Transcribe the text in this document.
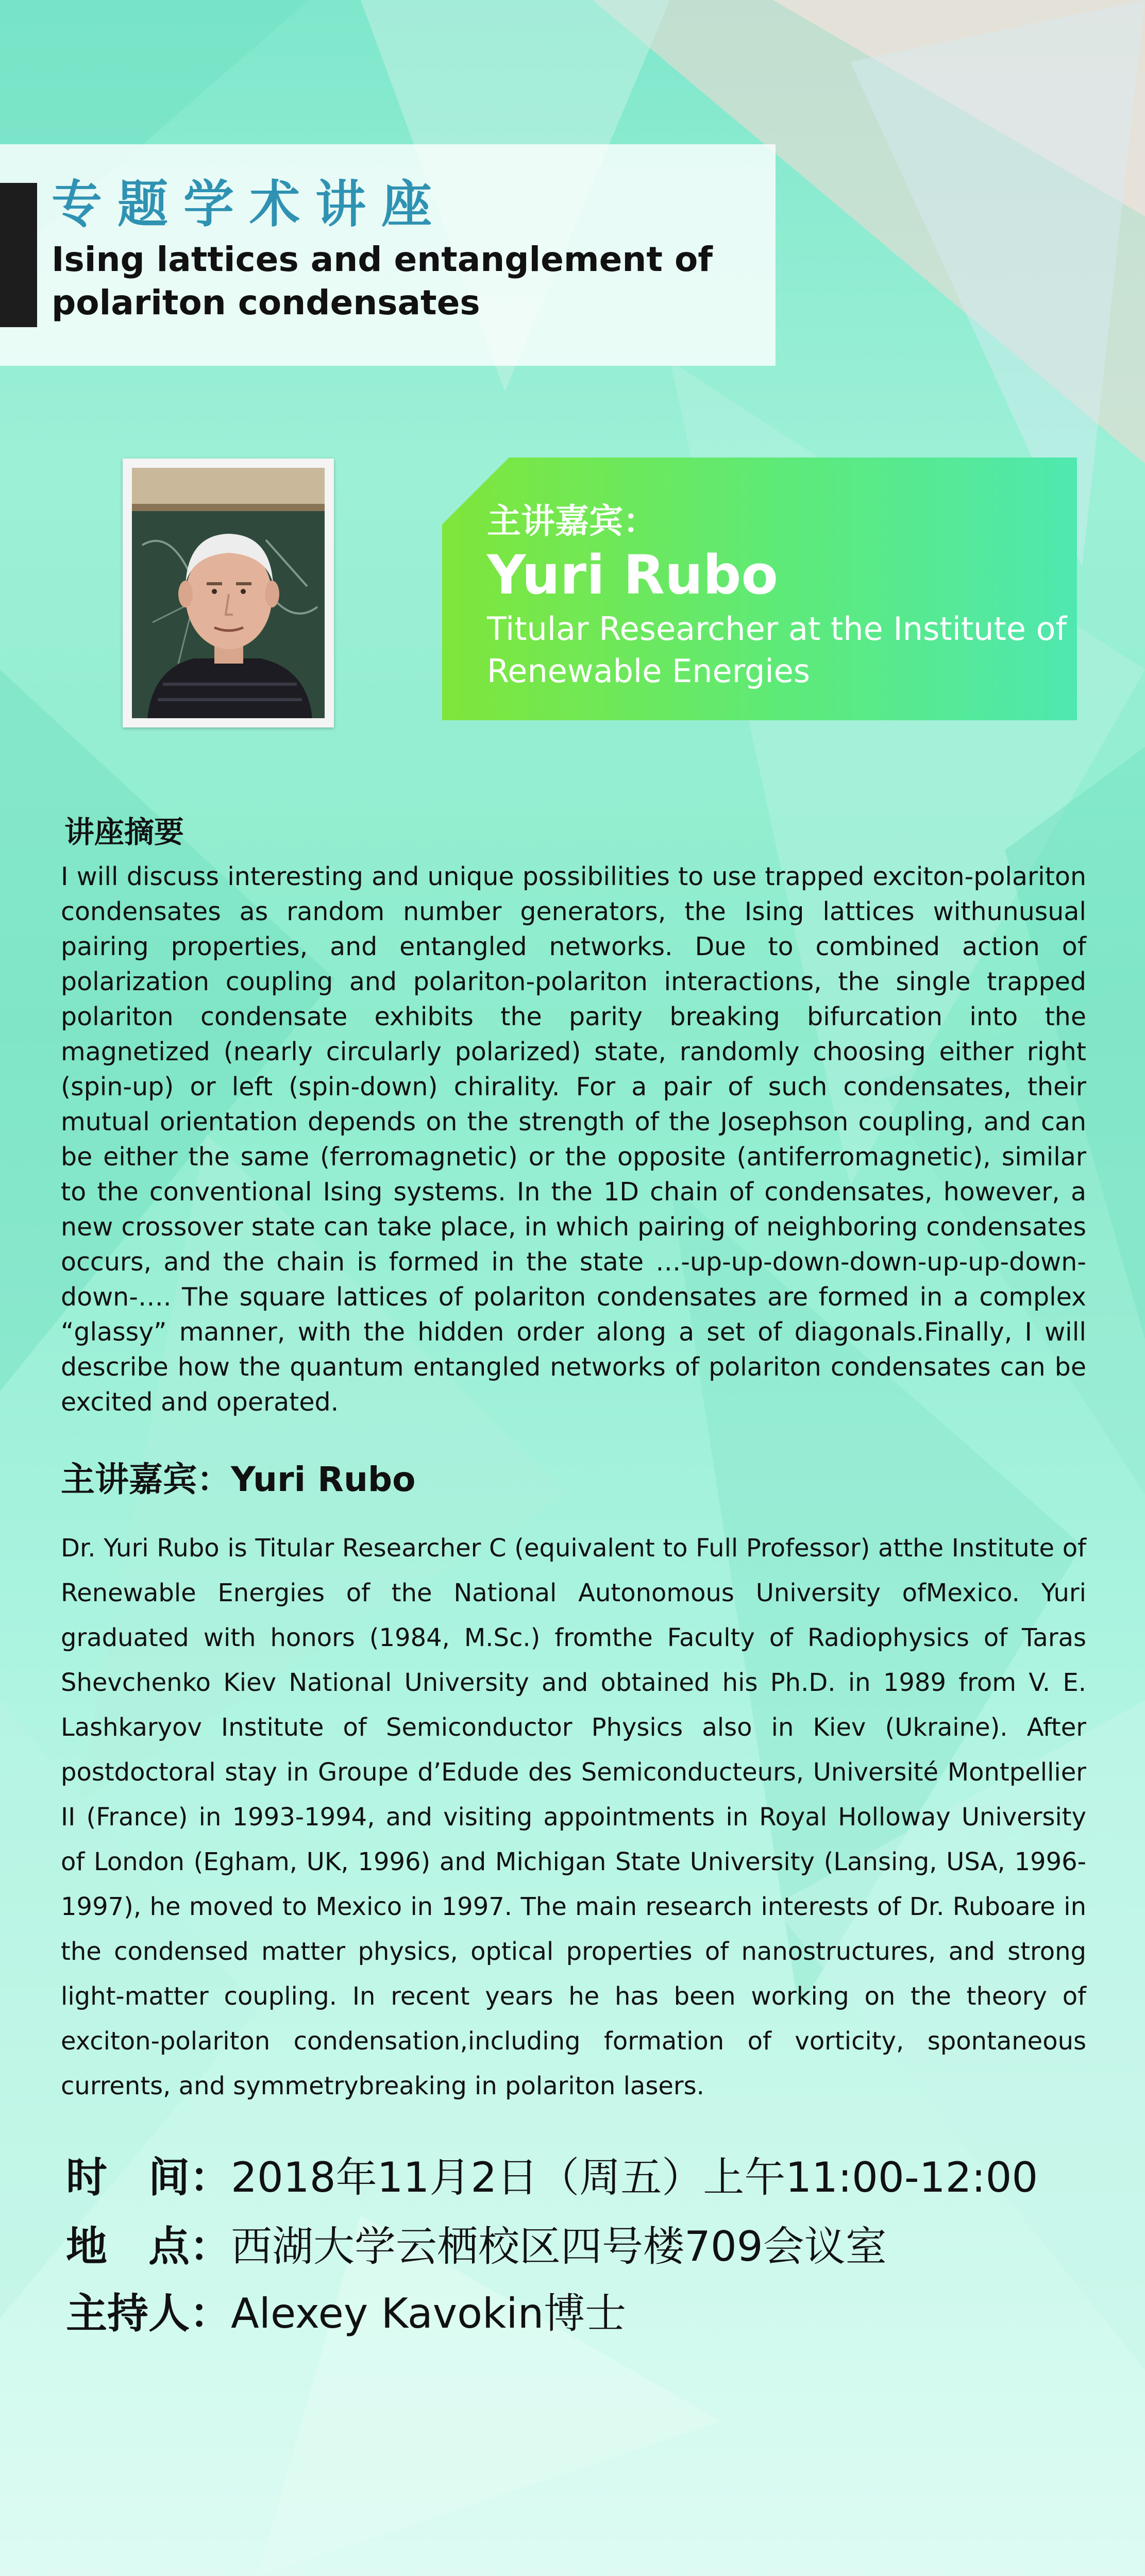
专题学术讲座
Ising lattices and entanglement of polariton condensates
主讲嘉宾：
Yuri Rubo
Titular Researcher at the Institute of Renewable Energies
讲座摘要
I will discuss interesting and unique possibilities to use trapped exciton-polariton condensates as random number generators, the Ising lattices withunusual pairing properties, and entangled networks. Due to combined action of polarization coupling and polariton-polariton interactions, the single trapped polariton condensate exhibits the parity breaking bifurcation into the magnetized (nearly circularly polarized) state, randomly choosing either right (spin-up) or left (spin-down) chirality. For a pair of such condensates, their mutual orientation depends on the strength of the Josephson coupling, and can be either the same (ferromagnetic) or the opposite (antiferromagnetic), similar to the conventional Ising systems. In the 1D chain of condensates, however, a new crossover state can take place, in which pairing of neighboring condensates occurs, and the chain is formed in the state …-up-up-down-down-up-up-down-down-…. The square lattices of polariton condensates are formed in a complex “glassy” manner, with the hidden order along a set of diagonals.Finally, I will describe how the quantum entangled networks of polariton condensates can be excited and operated.
主讲嘉宾：Yuri Rubo
Dr. Yuri Rubo is Titular Researcher C (equivalent to Full Professor) atthe Institute of Renewable Energies of the National Autonomous University ofMexico. Yuri graduated with honors (1984, M.Sc.) fromthe Faculty of Radiophysics of Taras Shevchenko Kiev National University and obtained his Ph.D. in 1989 from V. E. Lashkaryov Institute of Semiconductor Physics also in Kiev (Ukraine). After postdoctoral stay in Groupe d’Edude des Semiconducteurs, Université Montpellier II (France) in 1993-1994, and visiting appointments in Royal Holloway University of London (Egham, UK, 1996) and Michigan State University (Lansing, USA, 1996-1997), he moved to Mexico in 1997. The main research interests of Dr. Ruboare in the condensed matter physics, optical properties of nanostructures, and strong light-matter coupling. In recent years he has been working on the theory of exciton-polariton condensation,including formation of vorticity, spontaneous currents, and symmetrybreaking in polariton lasers.
时　间：2018年11月2日（周五）上午11:00-12:00
地　点：西湖大学云栖校区四号楼709会议室
主持人：Alexey Kavokin博士
